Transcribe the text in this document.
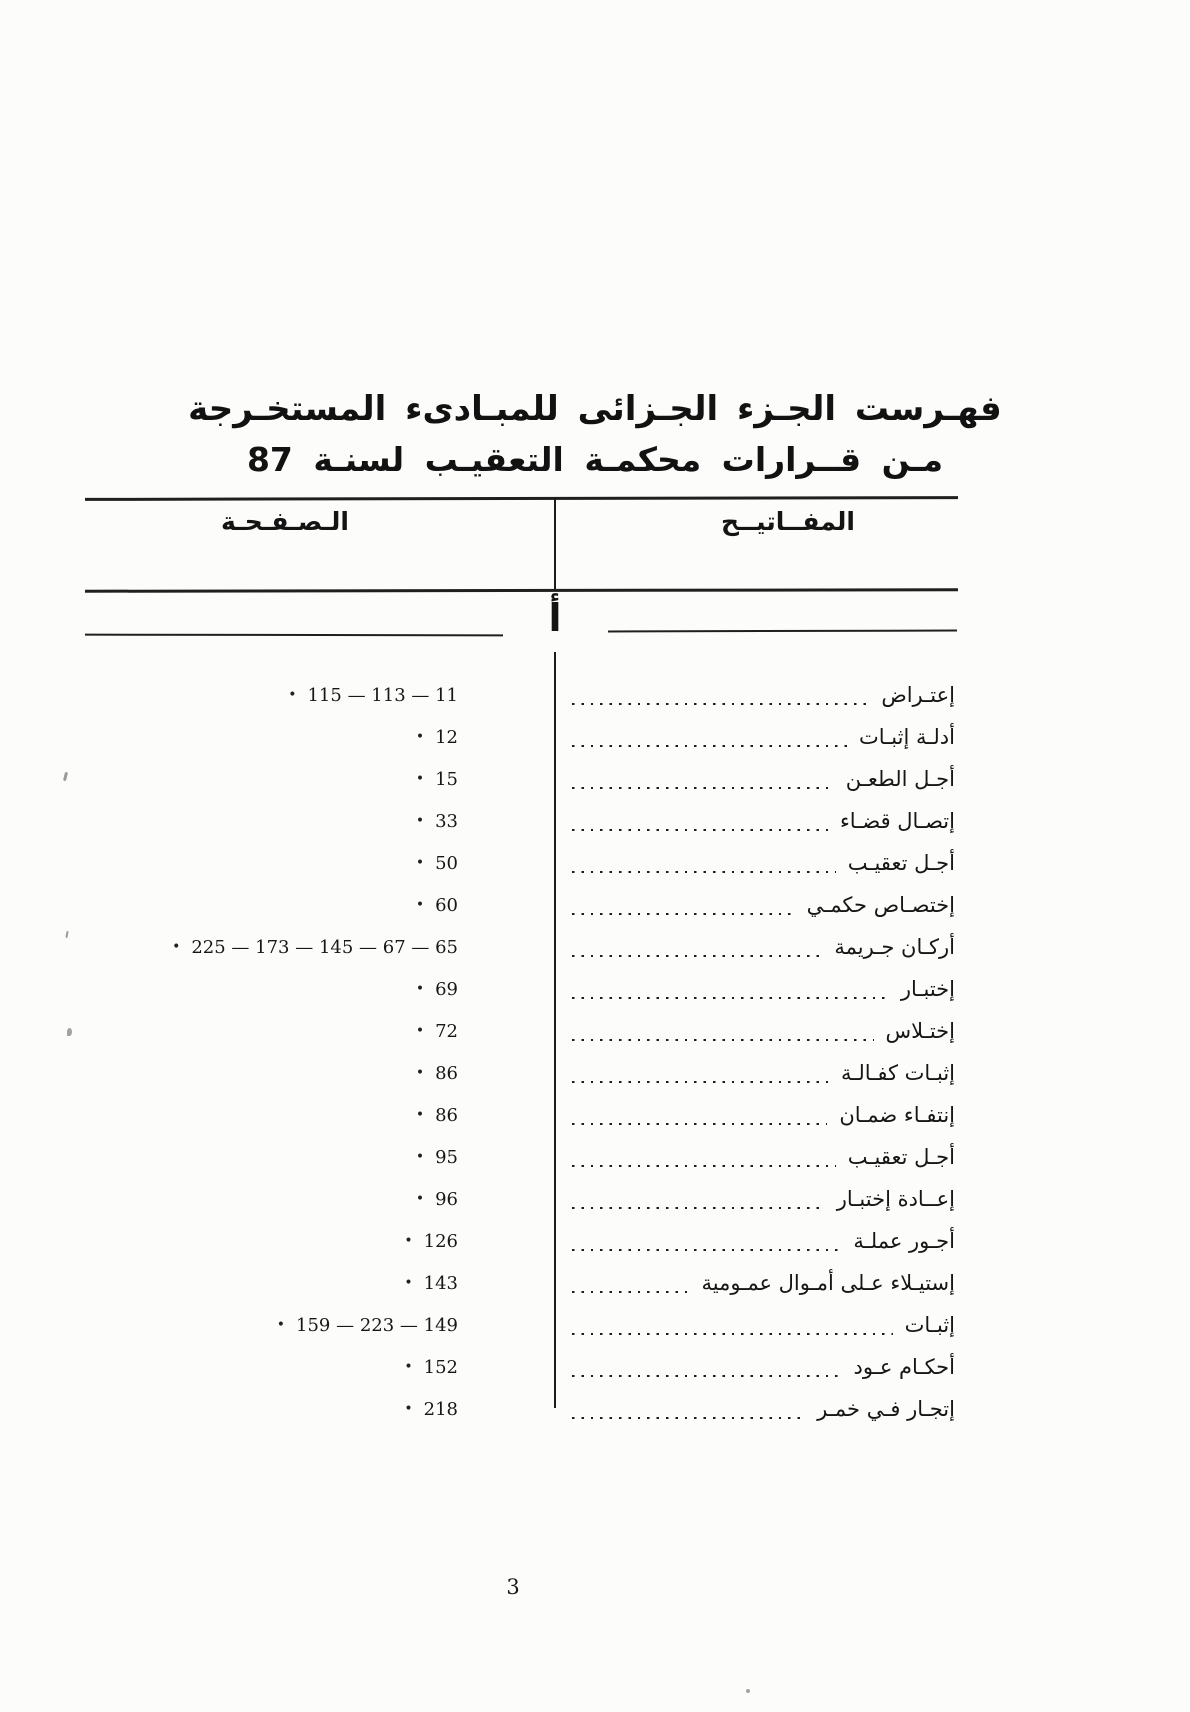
فهـرست الجـزء الجـزائى للمبـادىء المستخـرجة
مـن قــرارات محكمـة التعقيـب لسنـة 87
الـصـفـحـة	المفــاتيــح
أ
• 115 — 113 — 11	إعتـراض
• 12	أدلـة إثبـات
• 15	أجـل الطعـن
• 33	إتصـال قضـاء
• 50	أجـل تعقيـب
• 60	إختصـاص حكمـي
• 225 — 173 — 145 — 67 — 65	أركـان جـريمة
• 69	إختبـار
• 72	إختـلاس
• 86	إثبـات كفـالـة
• 86	إنتفـاء ضمـان
• 95	أجـل تعقيـب
• 96	إعــادة إختبـار
• 126	أجـور عملـة
• 143	إستيـلاء عـلى أمـوال عمـومية
• 159 — 223 — 149	إثبـات
• 152	أحكـام عـود
• 218	إتجـار فـي خمـر
3
